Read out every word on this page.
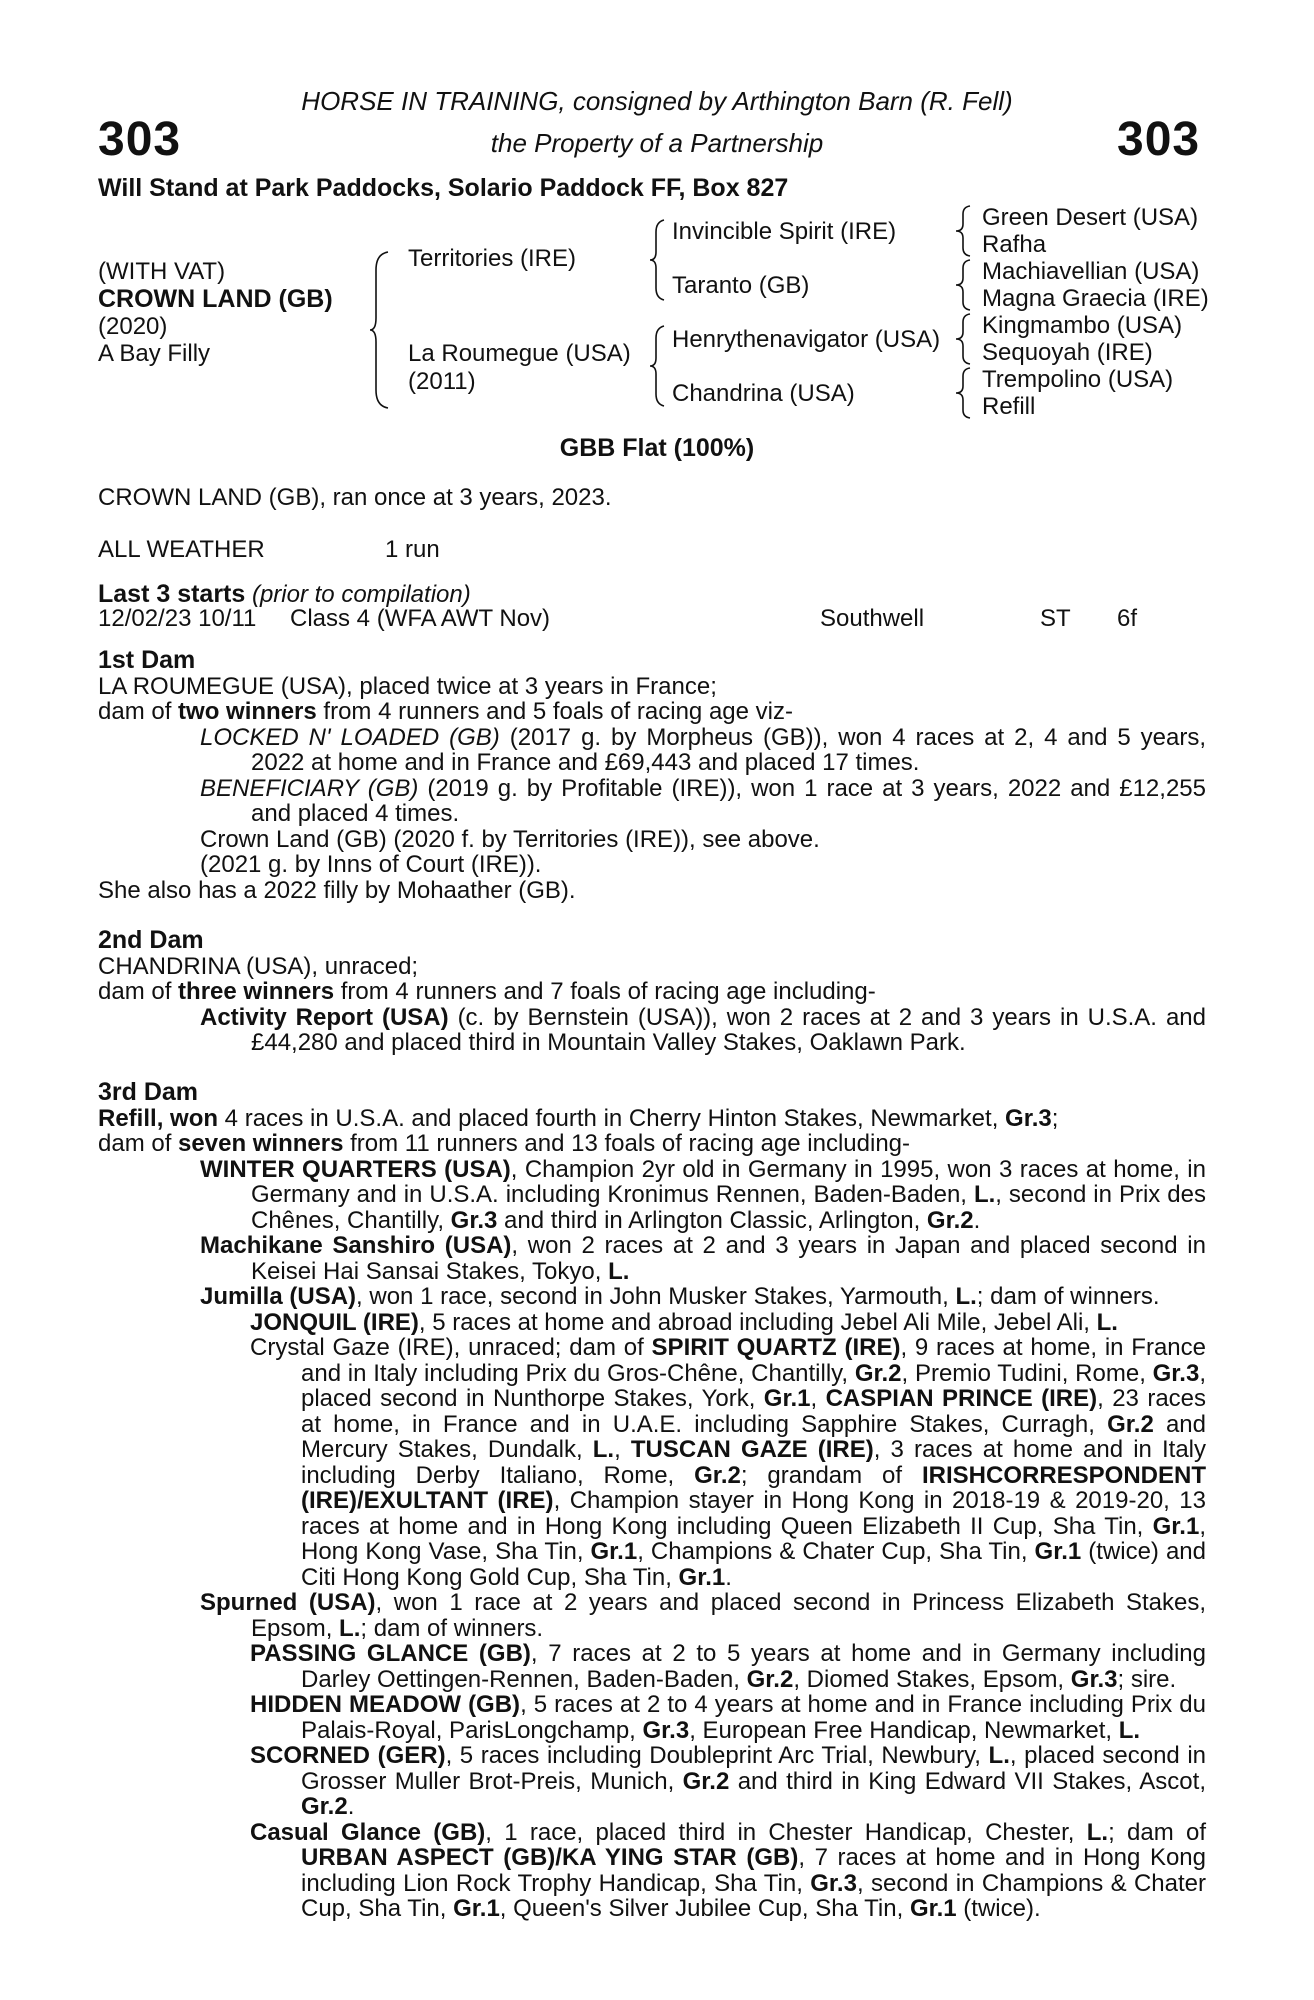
303	303
HORSE IN TRAINING, consigned by Arthington Barn (R. Fell)
the Property of a Partnership
Will Stand at Park Paddocks, Solario Paddock FF, Box 827
(WITH VAT)
CROWN LAND (GB)
(2020)
A Bay Filly
Territories (IRE)
La Roumegue (USA)
(2011)
Invincible Spirit (IRE)
Taranto (GB)
Henrythenavigator (USA)
Chandrina (USA)
Green Desert (USA)
Rafha
Machiavellian (USA)
Magna Graecia (IRE)
Kingmambo (USA)
Sequoyah (IRE)
Trempolino (USA)
Refill
GBB Flat (100%)
CROWN LAND (GB), ran once at 3 years, 2023.
ALL WEATHER	1 run
Last 3 starts (prior to compilation)
12/02/23 10/11 Class 4 (WFA AWT Nov)	Southwell	ST 6f

1st Dam

LA ROUMEGUE (USA), placed twice at 3 years in France;

dam of two winners from 4 runners and 5 foals of racing age viz-

LOCKED N' LOADED (GB) (2017 g. by Morpheus (GB)), won 4 races at 2, 4 and 5 years, 2022 at home and in France and £69,443 and placed 17 times.

BENEFICIARY (GB) (2019 g. by Profitable (IRE)), won 1 race at 3 years, 2022 and £12,255 and placed 4 times.

Crown Land (GB) (2020 f. by Territories (IRE)), see above.

(2021 g. by Inns of Court (IRE)).

She also has a 2022 filly by Mohaather (GB).

2nd Dam

CHANDRINA (USA), unraced;

dam of three winners from 4 runners and 7 foals of racing age including-

Activity Report (USA) (c. by Bernstein (USA)), won 2 races at 2 and 3 years in U.S.A. and £44,280 and placed third in Mountain Valley Stakes, Oaklawn Park.

3rd Dam

Refill, won 4 races in U.S.A. and placed fourth in Cherry Hinton Stakes, Newmarket, Gr.3;

dam of seven winners from 11 runners and 13 foals of racing age including-

WINTER QUARTERS (USA), Champion 2yr old in Germany in 1995, won 3 races at home, in Germany and in U.S.A. including Kronimus Rennen, Baden-Baden, L., second in Prix des Chênes, Chantilly, Gr.3 and third in Arlington Classic, Arlington, Gr.2.

Machikane Sanshiro (USA), won 2 races at 2 and 3 years in Japan and placed second in Keisei Hai Sansai Stakes, Tokyo, L.

Jumilla (USA), won 1 race, second in John Musker Stakes, Yarmouth, L.; dam of winners.

JONQUIL (IRE), 5 races at home and abroad including Jebel Ali Mile, Jebel Ali, L.

Crystal Gaze (IRE), unraced; dam of SPIRIT QUARTZ (IRE), 9 races at home, in France and in Italy including Prix du Gros-Chêne, Chantilly, Gr.2, Premio Tudini, Rome, Gr.3, placed second in Nunthorpe Stakes, York, Gr.1, CASPIAN PRINCE (IRE), 23 races at home, in France and in U.A.E. including Sapphire Stakes, Curragh, Gr.2 and Mercury Stakes, Dundalk, L., TUSCAN GAZE (IRE), 3 races at home and in Italy including Derby Italiano, Rome, Gr.2; grandam of IRISHCORRESPONDENT (IRE)/EXULTANT (IRE), Champion stayer in Hong Kong in 2018-19 & 2019-20, 13 races at home and in Hong Kong including Queen Elizabeth II Cup, Sha Tin, Gr.1, Hong Kong Vase, Sha Tin, Gr.1, Champions & Chater Cup, Sha Tin, Gr.1 (twice) and Citi Hong Kong Gold Cup, Sha Tin, Gr.1.

Spurned (USA), won 1 race at 2 years and placed second in Princess Elizabeth Stakes, Epsom, L.; dam of winners.

PASSING GLANCE (GB), 7 races at 2 to 5 years at home and in Germany including Darley Oettingen-Rennen, Baden-Baden, Gr.2, Diomed Stakes, Epsom, Gr.3; sire.

HIDDEN MEADOW (GB), 5 races at 2 to 4 years at home and in France including Prix du Palais-Royal, ParisLongchamp, Gr.3, European Free Handicap, Newmarket, L.

SCORNED (GER), 5 races including Doubleprint Arc Trial, Newbury, L., placed second in Grosser Muller Brot-Preis, Munich, Gr.2 and third in King Edward VII Stakes, Ascot, Gr.2.

Casual Glance (GB), 1 race, placed third in Chester Handicap, Chester, L.; dam of URBAN ASPECT (GB)/KA YING STAR (GB), 7 races at home and in Hong Kong including Lion Rock Trophy Handicap, Sha Tin, Gr.3, second in Champions & Chater Cup, Sha Tin, Gr.1, Queen's Silver Jubilee Cup, Sha Tin, Gr.1 (twice).
